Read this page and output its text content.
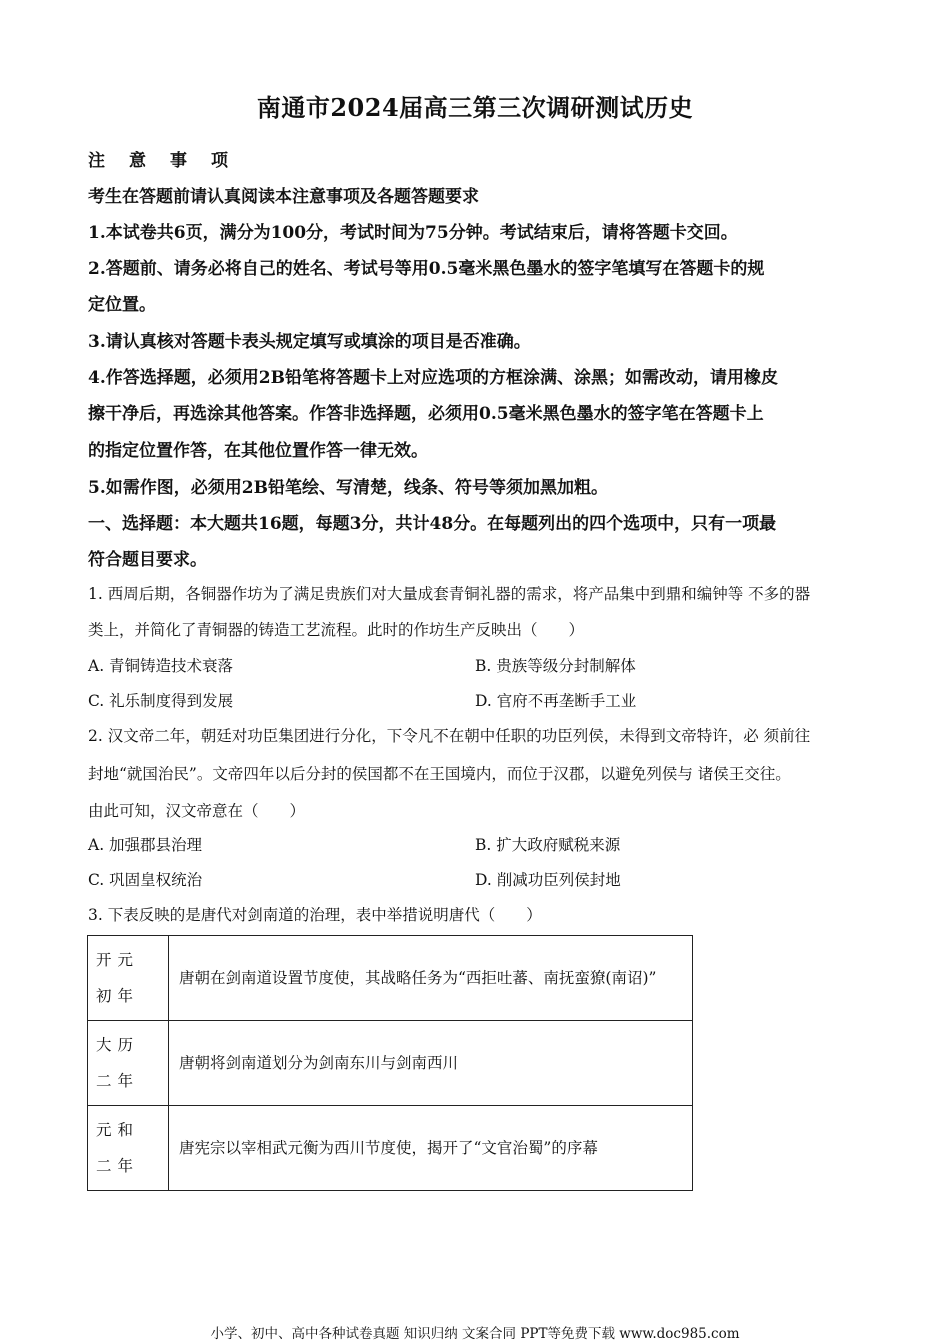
南通市2024届高三第三次调研测试历史
注意事项
考生在答题前请认真阅读本注意事项及各题答题要求
1.本试卷共6页，满分为100分，考试时间为75分钟。考试结束后，请将答题卡交回。
2.答题前、请务必将自己的姓名、考试号等用0.5毫米黑色墨水的签字笔填写在答题卡的规
定位置。
3.请认真核对答题卡表头规定填写或填涂的项目是否准确。
4.作答选择题，必须用2B铅笔将答题卡上对应选项的方框涂满、涂黑；如需改动，请用橡皮
擦干净后，再选涂其他答案。作答非选择题，必须用0.5毫米黑色墨水的签字笔在答题卡上
的指定位置作答，在其他位置作答一律无效。
5.如需作图，必须用2B铅笔绘、写清楚，线条、符号等须加黑加粗。
一、选择题：本大题共16题，每题3分，共计48分。在每题列出的四个选项中，只有一项最
符合题目要求。
1. 西周后期，各铜器作坊为了满足贵族们对大量成套青铜礼器的需求，将产品集中到鼎和编钟等 不多的器
类上，并简化了青铜器的铸造工艺流程。此时的作坊生产反映出（　　）
A. 青铜铸造技术衰落	B. 贵族等级分封制解体
C. 礼乐制度得到发展	D. 官府不再垄断手工业
2. 汉文帝二年，朝廷对功臣集团进行分化，下令凡不在朝中任职的功臣列侯，未得到文帝特许，必 须前往
封地“就国治民”。文帝四年以后分封的侯国都不在王国境内，而位于汉郡，以避免列侯与 诸侯王交往。
由此可知，汉文帝意在（　　）
A. 加强郡县治理	B. 扩大政府赋税来源
C. 巩固皇权统治	D. 削减功臣列侯封地
3. 下表反映的是唐代对剑南道的治理，表中举措说明唐代（　　）
开元初年	唐朝在剑南道设置节度使，其战略任务为“西拒吐蕃、南抚蛮獠(南诏)”
大历二年	唐朝将剑南道划分为剑南东川与剑南西川
元和二年	唐宪宗以宰相武元衡为西川节度使，揭开了“文官治蜀”的序幕
小学、初中、高中各种试卷真题 知识归纳 文案合同 PPT等免费下载 www.doc985.com
